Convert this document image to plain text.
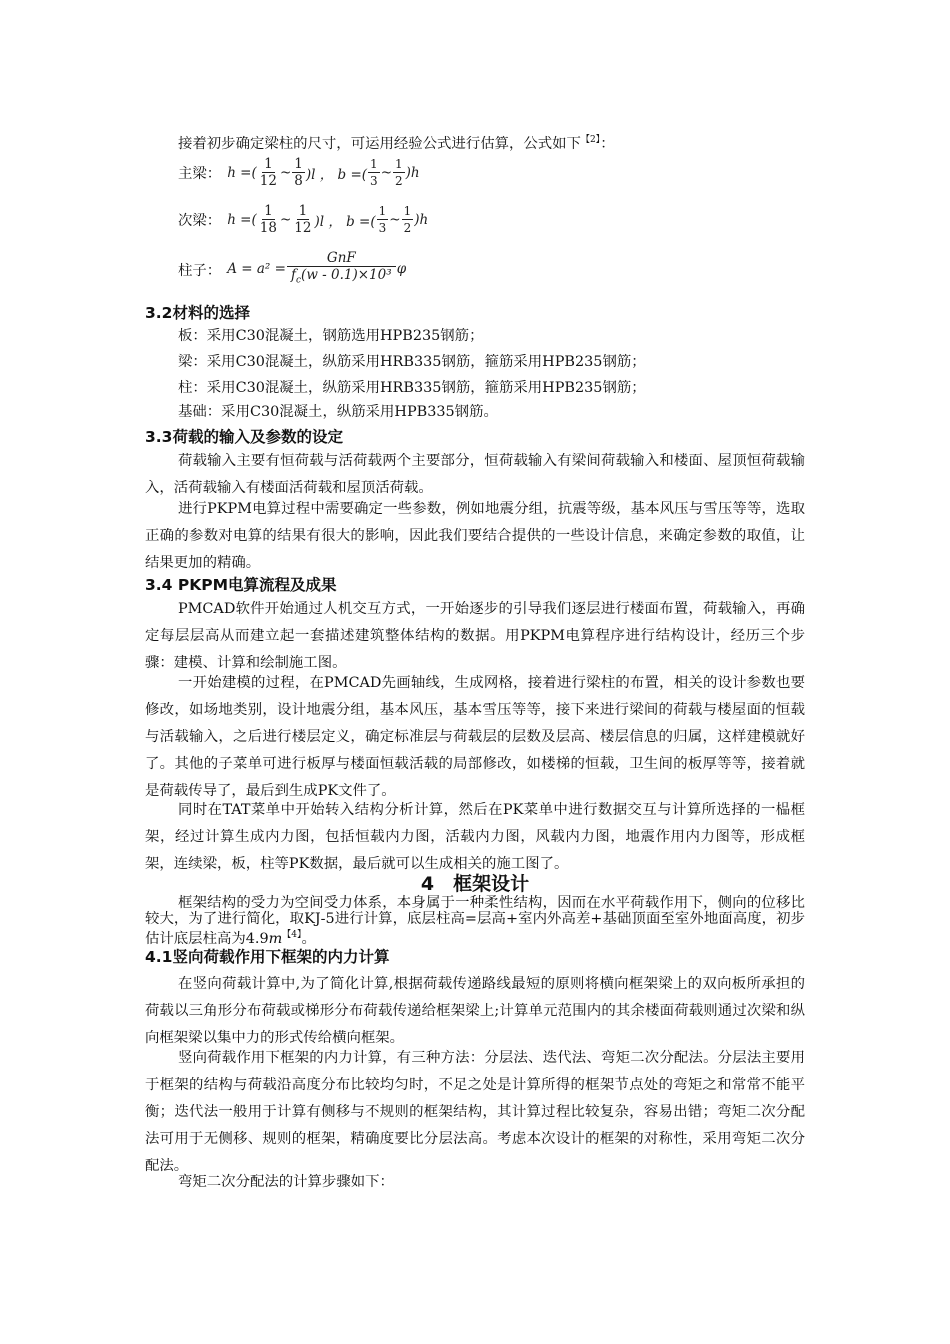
接着初步确定梁柱的尺寸，可运用经验公式进行估算，公式如下$^{【2】}$：

主梁： h =( $\frac{1}{12}$ ~ $\frac{1}{8} )l$ ， b =( $\frac{1}{3}$ ~ $\frac{1}{2} )h$
次梁： h =( $\frac{1}{18}$ ~ $\frac{1}{12} )l$ ， b =( $\frac{1}{3}$ ~ $\frac{1}{2} )h$
柱子： $A = a^2 = \frac{\text{GnF}}{f_c(w - 0.1)\times 10^3}$ φ
3.2材料的选择

板：采用C30混凝土，钢筋选用HPB235钢筋；

梁：采用C30混凝土，纵筋采用HRB335钢筋，箍筋采用HPB235钢筋；

柱：采用C30混凝土，纵筋采用HRB335钢筋，箍筋采用HPB235钢筋；

基础：采用C30混凝土，纵筋采用HPB335钢筋。

3.3荷载的输入及参数的设定

荷载输入主要有恒荷载与活荷载两个主要部分，恒荷载输入有梁间荷载输入和楼面、屋顶恒荷载输入，活荷载输入有楼面活荷载和屋顶活荷载。

进行PKPM电算过程中需要确定一些参数，例如地震分组，抗震等级，基本风压与雪压等等，选取正确的参数对电算的结果有很大的影响，因此我们要结合提供的一些设计信息，来确定参数的取值，让结果更加的精确。

3.4 PKPM电算流程及成果

PMCAD软件开始通过人机交互方式，一开始逐步的引导我们逐层进行楼面布置，荷载输入，再确定每层层高从而建立起一套描述建筑整体结构的数据。用PKPM电算程序进行结构设计，经历三个步骤：建模、计算和绘制施工图。

一开始建模的过程，在PMCAD先画轴线，生成网格，接着进行梁柱的布置，相关的设计参数也要修改，如场地类别，设计地震分组，基本风压，基本雪压等等，接下来进行梁间的荷载与楼屋面的恒载与活载输入，之后进行楼层定义，确定标准层与荷载层的层数及层高、楼层信息的归属，这样建模就好了。其他的子菜单可进行板厚与楼面恒载活载的局部修改，如楼梯的恒载，卫生间的板厚等等，接着就是荷载传导了，最后到生成PK文件了。

同时在TAT菜单中开始转入结构分析计算，然后在PK菜单中进行数据交互与计算所选择的一榀框架，经过计算生成内力图，包括恒载内力图，活载内力图，风载内力图，地震作用内力图等，形成框架，连续梁，板，柱等PK数据，最后就可以生成相关的施工图了。

4　框架设计

框架结构的受力为空间受力体系，本身属于一种柔性结构，因而在水平荷载作用下，侧向的位移比较大，为了进行简化，取KJ-5进行计算，底层柱高=层高+室内外高差+基础顶面至室外地面高度，初步估计底层柱高为4.9m$^{【4】}$。

4.1竖向荷载作用下框架的内力计算

在竖向荷载计算中,为了简化计算,根据荷载传递路线最短的原则将横向框架梁上的双向板所承担的荷载以三角形分布荷载或梯形分布荷载传递给框架梁上;计算单元范围内的其余楼面荷载则通过次梁和纵向框架梁以集中力的形式传给横向框架。

竖向荷载作用下框架的内力计算，有三种方法：分层法、迭代法、弯矩二次分配法。分层法主要用于框架的结构与荷载沿高度分布比较均匀时，不足之处是计算所得的框架节点处的弯矩之和常常不能平衡；迭代法一般用于计算有侧移与不规则的框架结构，其计算过程比较复杂，容易出错；弯矩二次分配法可用于无侧移、规则的框架，精确度要比分层法高。考虑本次设计的框架的对称性，采用弯矩二次分配法。

弯矩二次分配法的计算步骤如下：
